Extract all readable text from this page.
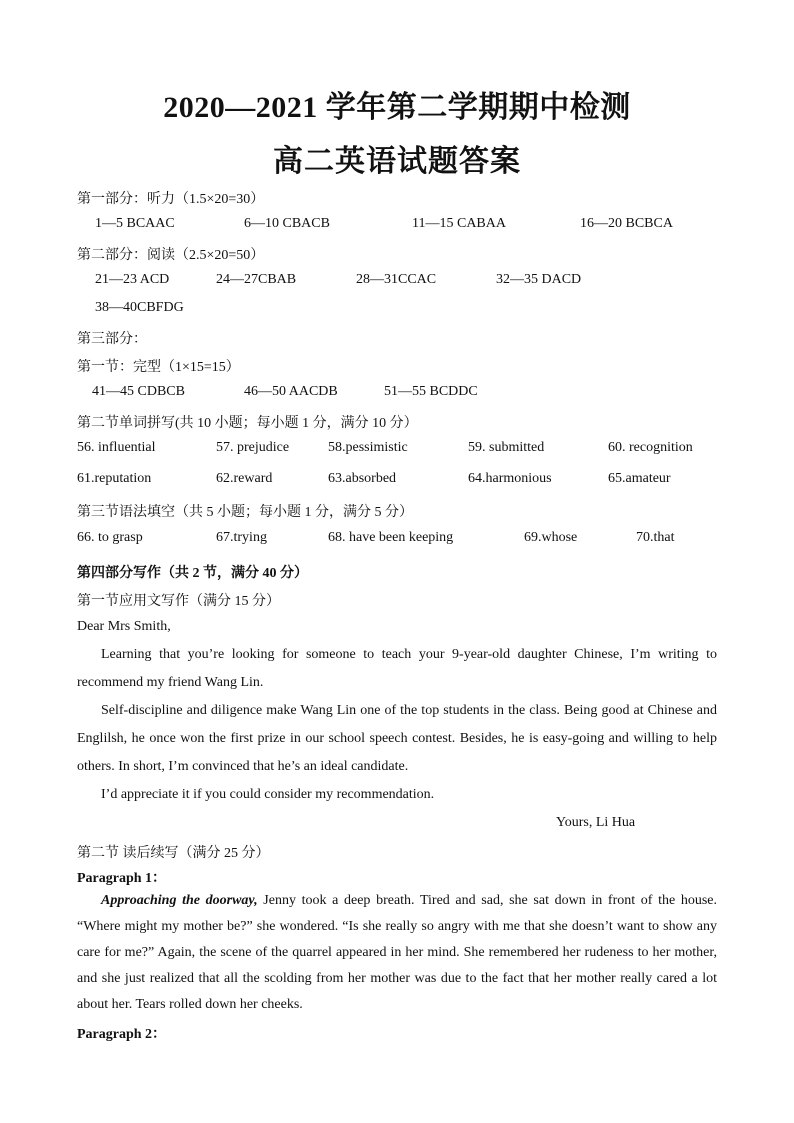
2020—2021 学年第二学期期中检测
高二英语试题答案
第一部分：听力（1.5×20=30）
1—5 BCAAC	6—10 CBACB	11—15 CABAA	16—20 BCBCA
第二部分：阅读（2.5×20=50）
21—23 ACD	24—27CBAB	28—31CCAC	32—35 DACD
38—40CBFDG
第三部分：
第一节：完型（1×15=15）
41—45 CDBCB	46—50 AACDB	51—55 BCDDC
第二节单词拼写(共 10 小题；每小题 1 分，满分 10 分）
56. influential	57. prejudice	58.pessimistic	59. submitted	60. recognition
61.reputation	62.reward	63.absorbed	64.harmonious	65.amateur
第三节语法填空（共 5 小题；每小题 1 分，满分 5 分）
66. to grasp	67.trying	68. have been keeping	69.whose	70.that
第四部分写作（共 2 节，满分 40 分）
第一节应用文写作（满分 15 分）
Dear Mrs Smith,
Learning that you’re looking for someone to teach your 9-year-old daughter Chinese, I’m writing to recommend my friend Wang Lin.
Self-discipline and diligence make Wang Lin one of the top students in the class. Being good at Chinese and Englilsh, he once won the first prize in our school speech contest. Besides, he is easy-going and willing to help others. In short, I’m convinced that he’s an ideal candidate.
I’d appreciate it if you could consider my recommendation.
Yours, Li Hua
第二节 读后续写（满分 25 分）
Paragraph 1：
Approaching the doorway, Jenny took a deep breath. Tired and sad, she sat down in front of the house. “Where might my mother be?” she wondered. “Is she really so angry with me that she doesn’t want to show any care for me?” Again, the scene of the quarrel appeared in her mind. She remembered her rudeness to her mother, and she just realized that all the scolding from her mother was due to the fact that her mother really cared a lot about her. Tears rolled down her cheeks.
Paragraph 2：
